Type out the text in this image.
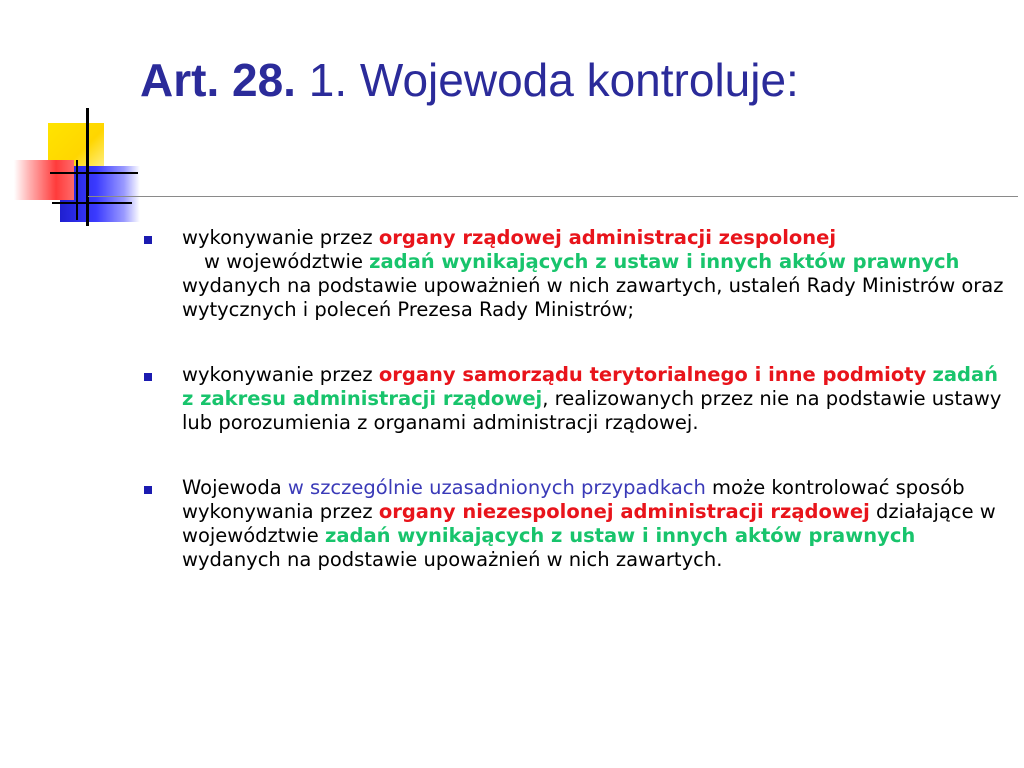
Art. 28. 1. Wojewoda kontroluje:

wykonywanie przez organy rządowej administracji zespolonej
w województwie zadań wynikających z ustaw i innych aktów prawnych wydanych na podstawie upoważnień w nich zawartych, ustaleń Rady Ministrów oraz wytycznych i poleceń Prezesa Rady Ministrów;

wykonywanie przez organy samorządu terytorialnego i inne podmioty zadań z zakresu administracji rządowej, realizowanych przez nie na podstawie ustawy lub porozumienia z organami administracji rządowej.

Wojewoda w szczególnie uzasadnionych przypadkach może kontrolować sposób wykonywania przez organy niezespolonej administracji rządowej działające w województwie zadań wynikających z ustaw i innych aktów prawnych wydanych na podstawie upoważnień w nich zawartych.
